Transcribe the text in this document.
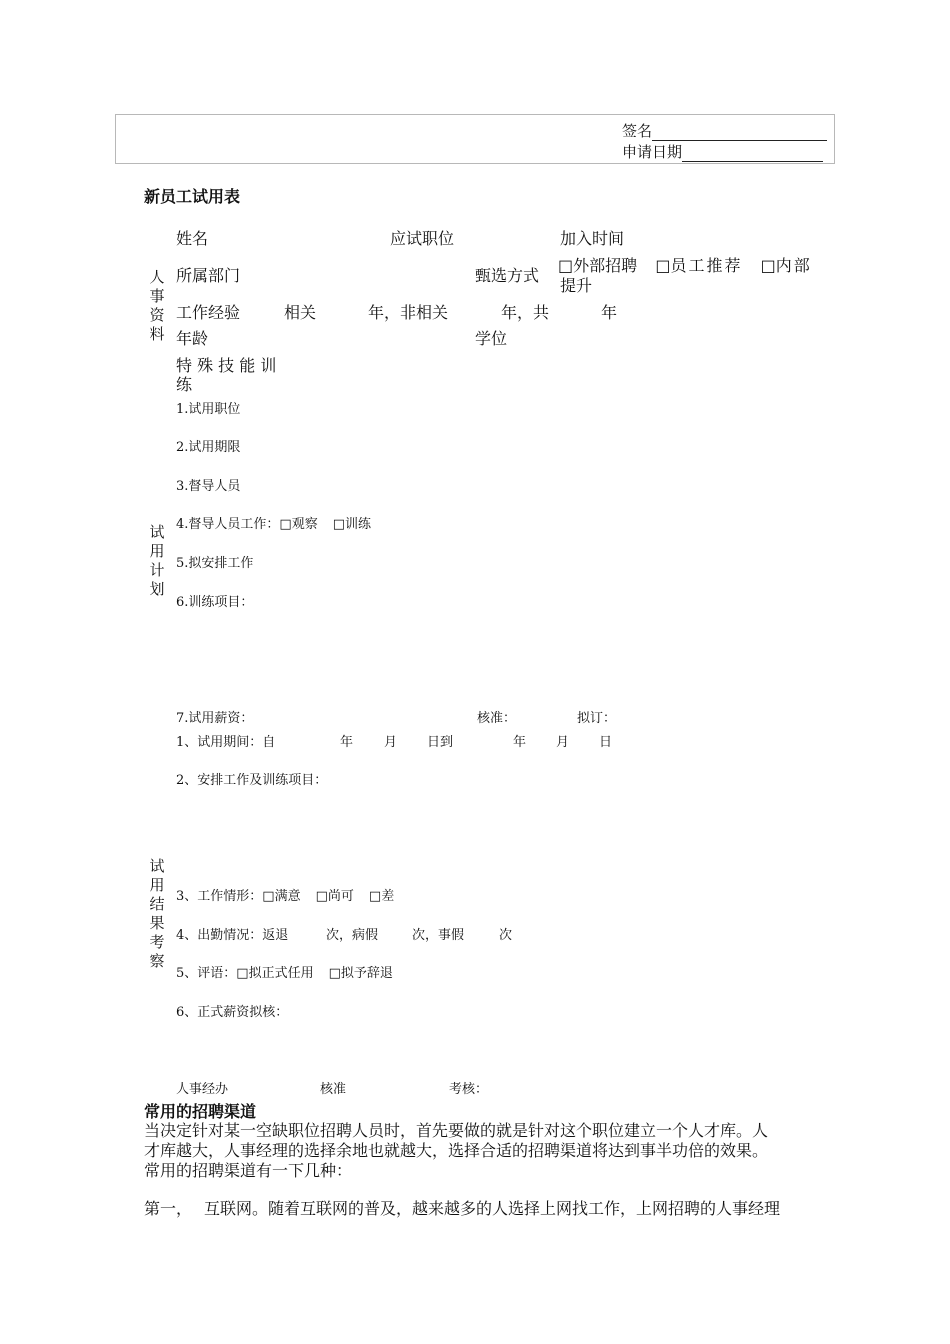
签名
申请日期
新员工试用表
人
事
资
料
姓名	应试职位	加入时间
所属部门	甄选方式
□外部招聘 □员工推荐 □内部
提升
工作经验	相关	年，非相关	年，共	年
年龄	学位
特 殊 技 能 训
练
试
用
计
划
1.试用职位
2.试用期限
3.督导人员
4.督导人员工作：□观察 □训练
5.拟安排工作
6.训练项目：
7.试用薪资：	核准：	拟订：
试
用
结
果
考
察
1、试用期间：自	年 月 日到	年 月 日
2、安排工作及训练项目：
3、工作情形：□满意 □尚可 □差
4、出勤情况：返退	次，病假	次，事假	次
5、评语：□拟正式任用 □拟予辞退
6、正式薪资拟核：
人事经办	核准	考核：
常用的招聘渠道
当决定针对某一空缺职位招聘人员时，首先要做的就是针对这个职位建立一个人才库。人
才库越大，人事经理的选择余地也就越大，选择合适的招聘渠道将达到事半功倍的效果。
常用的招聘渠道有一下几种：
第一， 互联网。随着互联网的普及，越来越多的人选择上网找工作，上网招聘的人事经理
